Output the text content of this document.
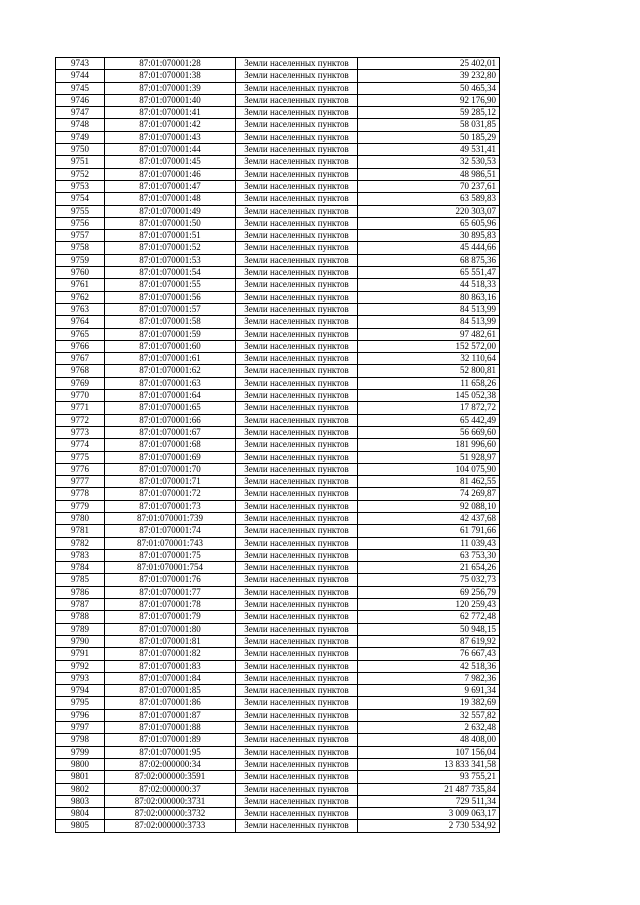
9743	87:01:070001:28	Земли населенных пунктов	25 402,01
9744	87:01:070001:38	Земли населенных пунктов	39 232,80
9745	87:01:070001:39	Земли населенных пунктов	50 465,34
9746	87:01:070001:40	Земли населенных пунктов	92 176,90
9747	87:01:070001:41	Земли населенных пунктов	59 285,12
9748	87:01:070001:42	Земли населенных пунктов	58 031,85
9749	87:01:070001:43	Земли населенных пунктов	50 185,29
9750	87:01:070001:44	Земли населенных пунктов	49 531,41
9751	87:01:070001:45	Земли населенных пунктов	32 530,53
9752	87:01:070001:46	Земли населенных пунктов	48 986,51
9753	87:01:070001:47	Земли населенных пунктов	70 237,61
9754	87:01:070001:48	Земли населенных пунктов	63 589,83
9755	87:01:070001:49	Земли населенных пунктов	220 303,07
9756	87:01:070001:50	Земли населенных пунктов	65 605,96
9757	87:01:070001:51	Земли населенных пунктов	30 895,83
9758	87:01:070001:52	Земли населенных пунктов	45 444,66
9759	87:01:070001:53	Земли населенных пунктов	68 875,36
9760	87:01:070001:54	Земли населенных пунктов	65 551,47
9761	87:01:070001:55	Земли населенных пунктов	44 518,33
9762	87:01:070001:56	Земли населенных пунктов	80 863,16
9763	87:01:070001:57	Земли населенных пунктов	84 513,99
9764	87:01:070001:58	Земли населенных пунктов	84 513,99
9765	87:01:070001:59	Земли населенных пунктов	97 482,61
9766	87:01:070001:60	Земли населенных пунктов	152 572,00
9767	87:01:070001:61	Земли населенных пунктов	32 110,64
9768	87:01:070001:62	Земли населенных пунктов	52 800,81
9769	87:01:070001:63	Земли населенных пунктов	11 658,26
9770	87:01:070001:64	Земли населенных пунктов	145 052,38
9771	87:01:070001:65	Земли населенных пунктов	17 872,72
9772	87:01:070001:66	Земли населенных пунктов	65 442,49
9773	87:01:070001:67	Земли населенных пунктов	56 669,60
9774	87:01:070001:68	Земли населенных пунктов	181 996,60
9775	87:01:070001:69	Земли населенных пунктов	51 928,97
9776	87:01:070001:70	Земли населенных пунктов	104 075,90
9777	87:01:070001:71	Земли населенных пунктов	81 462,55
9778	87:01:070001:72	Земли населенных пунктов	74 269,87
9779	87:01:070001:73	Земли населенных пунктов	92 088,10
9780	87:01:070001:739	Земли населенных пунктов	42 437,68
9781	87:01:070001:74	Земли населенных пунктов	61 791,66
9782	87:01:070001:743	Земли населенных пунктов	11 039,43
9783	87:01:070001:75	Земли населенных пунктов	63 753,30
9784	87:01:070001:754	Земли населенных пунктов	21 654,26
9785	87:01:070001:76	Земли населенных пунктов	75 032,73
9786	87:01:070001:77	Земли населенных пунктов	69 256,79
9787	87:01:070001:78	Земли населенных пунктов	120 259,43
9788	87:01:070001:79	Земли населенных пунктов	62 772,48
9789	87:01:070001:80	Земли населенных пунктов	50 948,15
9790	87:01:070001:81	Земли населенных пунктов	87 619,92
9791	87:01:070001:82	Земли населенных пунктов	76 667,43
9792	87:01:070001:83	Земли населенных пунктов	42 518,36
9793	87:01:070001:84	Земли населенных пунктов	7 982,36
9794	87:01:070001:85	Земли населенных пунктов	9 691,34
9795	87:01:070001:86	Земли населенных пунктов	19 382,69
9796	87:01:070001:87	Земли населенных пунктов	32 557,82
9797	87:01:070001:88	Земли населенных пунктов	2 632,48
9798	87:01:070001:89	Земли населенных пунктов	48 408,00
9799	87:01:070001:95	Земли населенных пунктов	107 156,04
9800	87:02:000000:34	Земли населенных пунктов	13 833 341,58
9801	87:02:000000:3591	Земли населенных пунктов	93 755,21
9802	87:02:000000:37	Земли населенных пунктов	21 487 735,84
9803	87:02:000000:3731	Земли населенных пунктов	729 511,34
9804	87:02:000000:3732	Земли населенных пунктов	3 009 063,17
9805	87:02:000000:3733	Земли населенных пунктов	2 730 534,92
